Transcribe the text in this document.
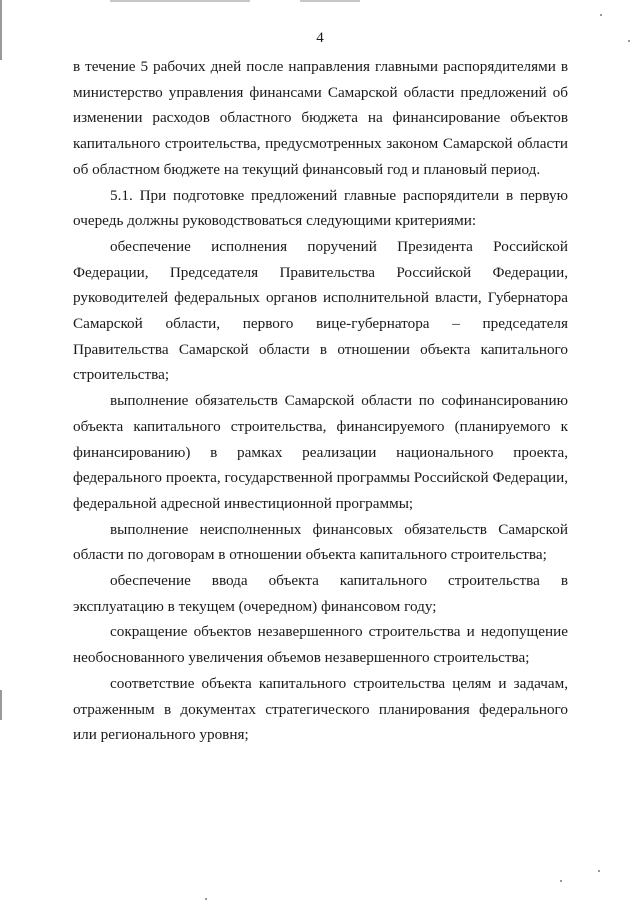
4

в течение 5 рабочих дней после направления главными распорядителями в министерство управления финансами Самарской области предложений об изменении расходов областного бюджета на финансирование объектов капитального строительства, предусмотренных законом Самарской области об областном бюджете на текущий финансовый год и плановый период.

5.1. При подготовке предложений главные распорядители в первую очередь должны руководствоваться следующими критериями:

обеспечение исполнения поручений Президента Российской Федерации, Председателя Правительства Российской Федерации, руководителей федеральных органов исполнительной власти, Губернатора Самарской области, первого вице-губернатора – председателя Правительства Самарской области в отношении объекта капитального строительства;

выполнение обязательств Самарской области по софинансированию объекта капитального строительства, финансируемого (планируемого к финансированию) в рамках реализации национального проекта, федерального проекта, государственной программы Российской Федерации, федеральной адресной инвестиционной программы;

выполнение неисполненных финансовых обязательств Самарской области по договорам в отношении объекта капитального строительства;

обеспечение ввода объекта капитального строительства в эксплуатацию в текущем (очередном) финансовом году;

сокращение объектов незавершенного строительства и недопущение необоснованного увеличения объемов незавершенного строительства;

соответствие объекта капитального строительства целям и задачам, отраженным в документах стратегического планирования федерального или регионального уровня;
